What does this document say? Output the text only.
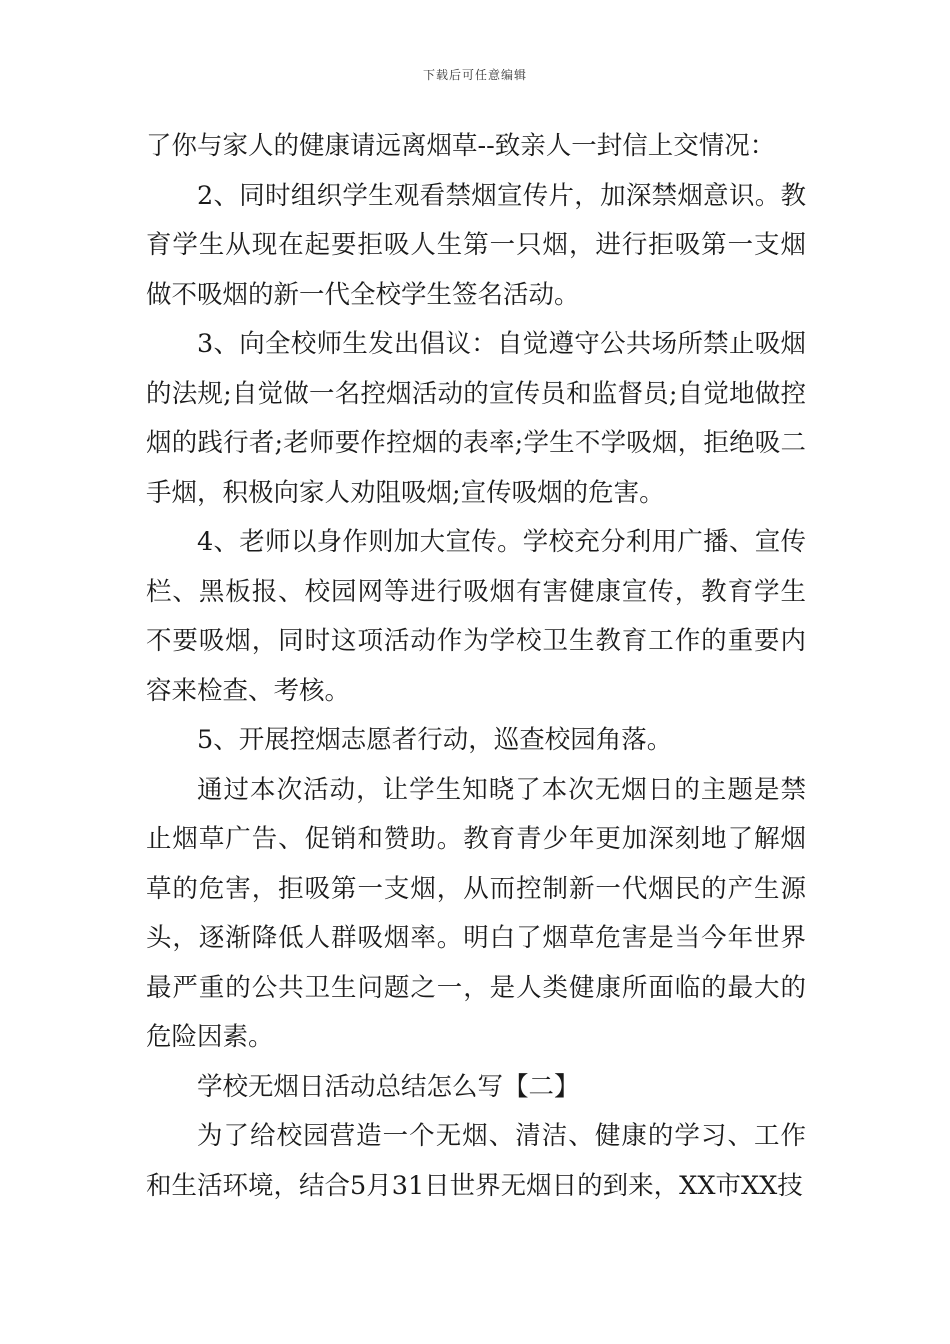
下载后可任意编辑

了你与家人的健康请远离烟草--致亲人一封信上交情况：

2、同时组织学生观看禁烟宣传片，加深禁烟意识。教育学生从现在起要拒吸人生第一只烟，进行拒吸第一支烟做不吸烟的新一代全校学生签名活动。

3、向全校师生发出倡议：自觉遵守公共场所禁止吸烟的法规;自觉做一名控烟活动的宣传员和监督员;自觉地做控烟的践行者;老师要作控烟的表率;学生不学吸烟，拒绝吸二手烟，积极向家人劝阻吸烟;宣传吸烟的危害。

4、老师以身作则加大宣传。学校充分利用广播、宣传栏、黑板报、校园网等进行吸烟有害健康宣传，教育学生不要吸烟，同时这项活动作为学校卫生教育工作的重要内容来检查、考核。

5、开展控烟志愿者行动，巡查校园角落。

通过本次活动，让学生知晓了本次无烟日的主题是禁止烟草广告、促销和赞助。教育青少年更加深刻地了解烟草的危害，拒吸第一支烟，从而控制新一代烟民的产生源头，逐渐降低人群吸烟率。明白了烟草危害是当今年世界最严重的公共卫生问题之一，是人类健康所面临的最大的危险因素。

学校无烟日活动总结怎么写【二】

为了给校园营造一个无烟、清洁、健康的学习、工作和生活环境，结合5月31日世界无烟日的到来，XX市XX技
